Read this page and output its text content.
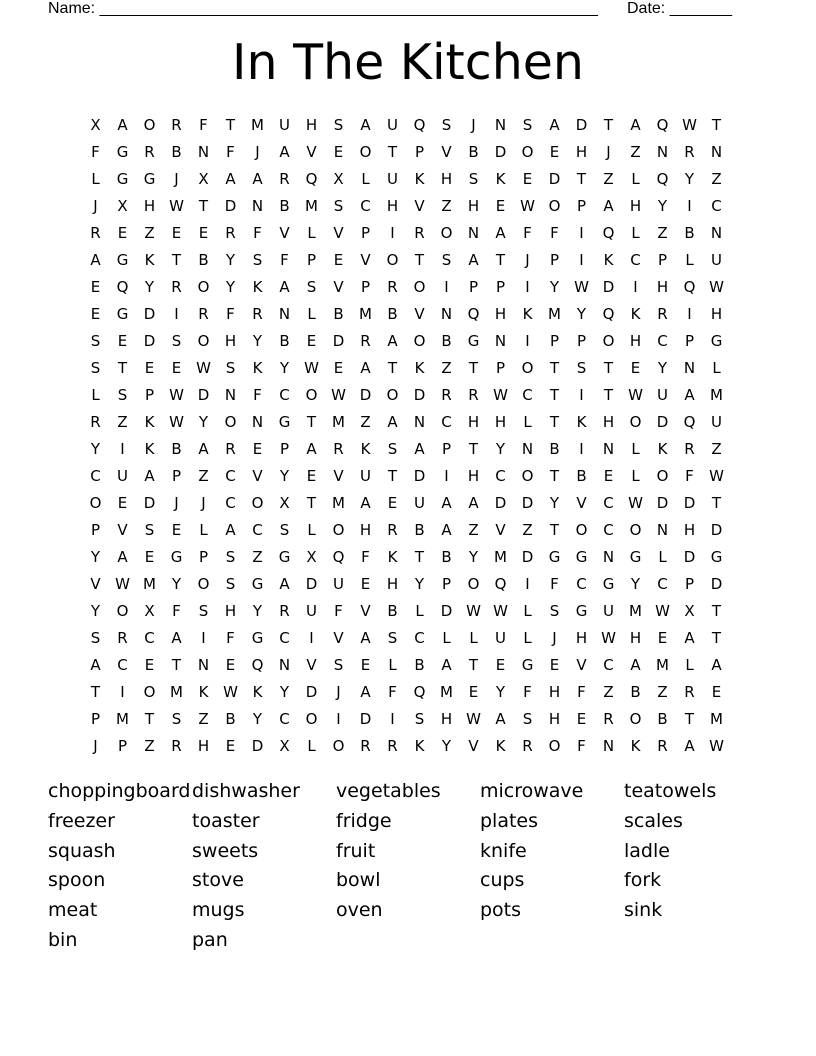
Name: ________________________________________________________ Date: _______
In The Kitchen
X	A	O	R	F	T	M	U	H	S	A	U	Q	S	J	N	S	A	D	T	A	Q W T
F	G	R	B	N	F	J	A	V	E	O	T	P	V	B	D	O	E	H	J	Z	N	R	N
L	G	G	J	X	A	A	R	Q	X	L	U	K	H	S	K	E	D	T	Z	L	Q	Y	Z
J	X	H W T	D	N	B	M	S	C	H	V	Z	H	E W O	P	A	H	Y	I	C
R	E	Z	E	E	R	F	V	L	V	P	I	R	O	N	A	F	F	I	Q	L	Z	B	N
A	G	K	T	B	Y	S	F	P	E	V	O	T	S	A	T	J	P	I	K	C	P	L	U
E	Q	Y	R	O	Y	K	A	S	V	P	R	O	I	P	P	I	Y	W D	I	H	Q W
E	G	D	I	R	F	R	N	L	B	M	B	V	N	Q	H	K	M	Y	Q	K	R	I	H
S	E	D	S	O	H	Y	B	E	D	R	A	O	B	G	N	I	P	P	O	H	C	P	G
S	T	E	E W S	K	Y	W E	A	T	K	Z	T	P	O	T	S	T	E	Y	N	L
L	S	P	W D	N	F	C	O W D	O	D	R	R W C	T	I	T	W U	A	M
R	Z	K W Y	O	N	G	T	M	Z	A	N	C	H	H	L	T	K	H	O	D	Q	U
Y	I	K	B	A	R	E	P	A	R	K	S	A	P	T	Y	N	B	I	N	L	K	R	Z
C	U	A	P	Z	C	V	Y	E	V	U	T	D	I	H	C	O	T	B	E	L	O	F	W
O	E	D	J	J	C	O	X	T	M	A	E	U	A	A	D	D	Y	V	C W D	D	T
P	V	S	E	L	A	C	S	L	O	H	R	B	A	Z	V	Z	T	O	C	O	N	H	D
Y	A	E	G	P	S	Z	G	X	Q	F	K	T	B	Y	M D	G	G	N	G	L	D	G
V W M	Y	O	S	G	A	D	U	E	H	Y	P	O	Q	I	F	C	G	Y	C	P	D
Y	O	X	F	S	H	Y	R	U	F	V	B	L	D W W	L	S	G	U	M W X	T
S	R	C	A	I	F	G	C	I	V	A	S	C	L	L	U	L	J	H W H	E	A	T
A	C	E	T	N	E	Q	N	V	S	E	L	B	A	T	E	G	E	V	C	A	M	L	A
T	I	O M	K W K	Y	D	J	A	F	Q M	E	Y	F	H	F	Z	B	Z	R	E
P	M	T	S	Z	B	Y	C	O	I	D	I	S	H W A	S	H	E	R	O	B	T	M
J	P	Z	R	H	E	D	X	L	O	R	R	K	Y	V	K	R	O	F	N	K	R	A W
choppingboard dishwasher	vegetables	microwave	teatowels
freezer	toaster	fridge	plates	scales
squash	sweets	fruit	knife	ladle
spoon	stove	bowl	cups	fork
meat	mugs	oven	pots	sink
bin	pan
